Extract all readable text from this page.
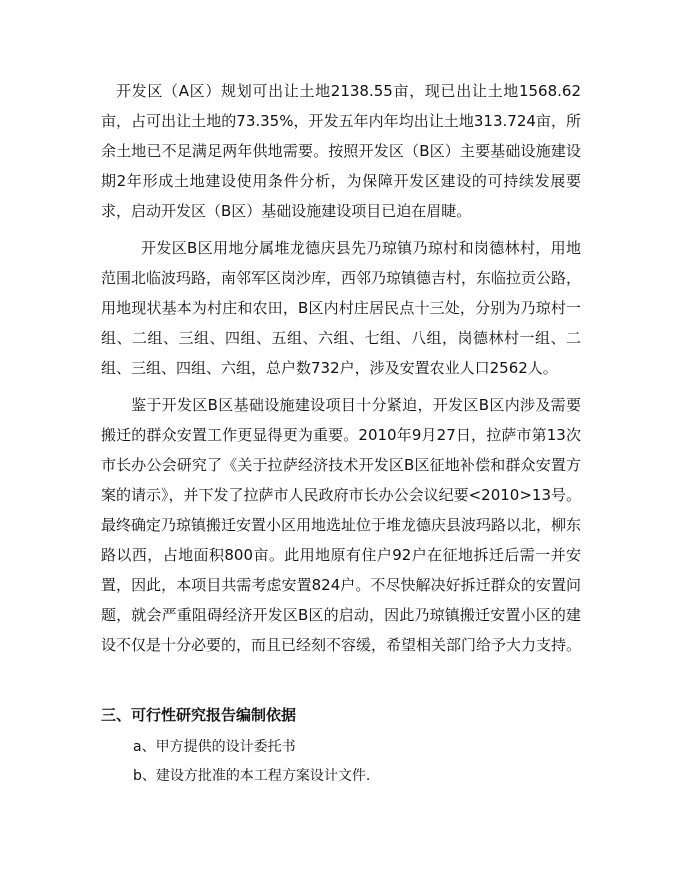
开发区（A区）规划可出让土地2138.55亩，现已出让土地1568.62亩，占可出让土地的73.35%，开发五年内年均出让土地313.724亩，所余土地已不足满足两年供地需要。按照开发区（B区）主要基础设施建设期2年形成土地建设使用条件分析，为保障开发区建设的可持续发展要求，启动开发区（B区）基础设施建设项目已迫在眉睫。

开发区B区用地分属堆龙德庆县先乃琼镇乃琼村和岗德林村，用地范围北临波玛路，南邻军区岗沙库，西邻乃琼镇德吉村，东临拉贡公路，用地现状基本为村庄和农田，B区内村庄居民点十三处，分别为乃琼村一组、二组、三组、四组、五组、六组、七组、八组，岗德林村一组、二组、三组、四组、六组，总户数732户，涉及安置农业人口2562人。

鉴于开发区B区基础设施建设项目十分紧迫，开发区B区内涉及需要搬迁的群众安置工作更显得更为重要。2010年9月27日，拉萨市第13次市长办公会研究了《关于拉萨经济技术开发区B区征地补偿和群众安置方案的请示》，并下发了拉萨市人民政府市长办公会议纪要<2010>13号。最终确定乃琼镇搬迁安置小区用地选址位于堆龙德庆县波玛路以北，柳东路以西，占地面积800亩。此用地原有住户92户在征地拆迁后需一并安置，因此，本项目共需考虑安置824户。不尽快解决好拆迁群众的安置问题，就会严重阻碍经济开发区B区的启动，因此乃琼镇搬迁安置小区的建设不仅是十分必要的，而且已经刻不容缓，希望相关部门给予大力支持。

三、可行性研究报告编制依据
a、甲方提供的设计委托书
b、建设方批准的本工程方案设计文件.
